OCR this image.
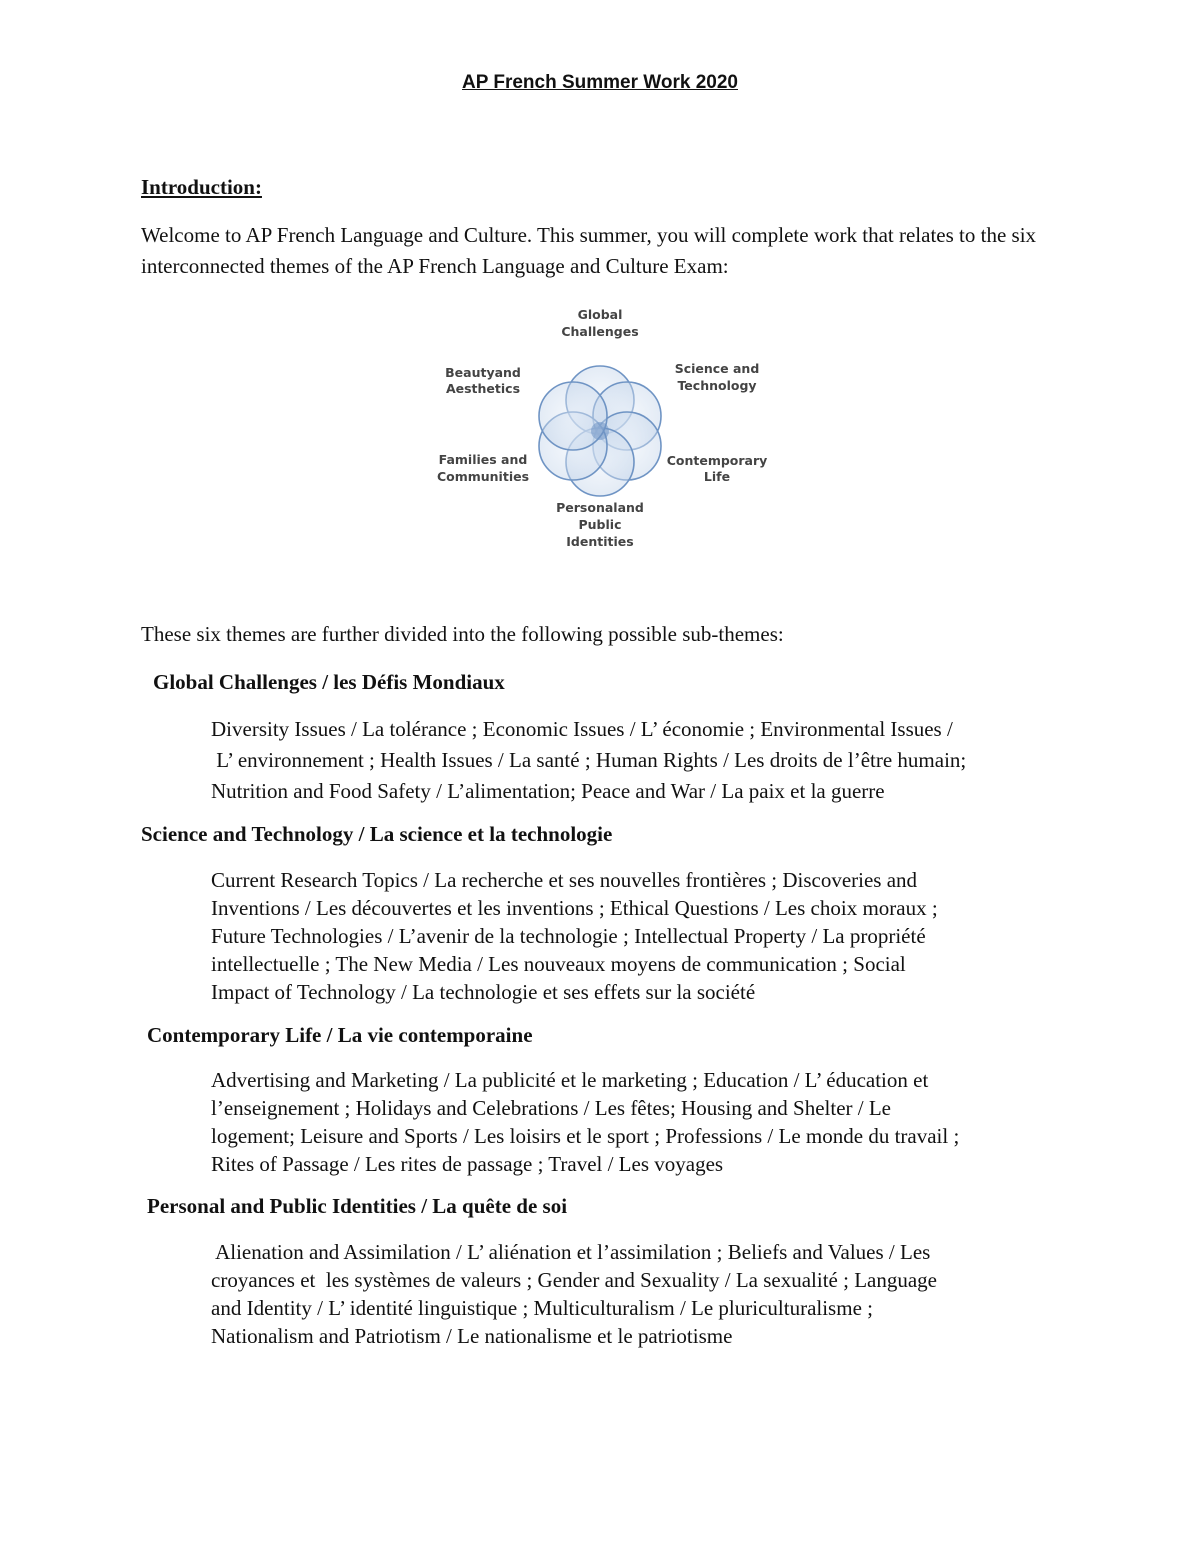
AP French Summer Work 2020
Introduction:

Welcome to AP French Language and Culture. This summer, you will complete work that relates to the six interconnected themes of the AP French Language and Culture Exam:

Global
Challenges
Beautyand
Aesthetics
Science and
Technology
Families and
Communities
Contemporary
Life
Personaland
Public
Identities

These six themes are further divided into the following possible sub-themes:

Global Challenges / les Défis Mondiaux

Diversity Issues / La tolérance ; Economic Issues / L’ économie ; Environmental Issues /
L’ environnement ; Health Issues / La santé ; Human Rights / Les droits de l’être humain;
Nutrition and Food Safety / L’alimentation; Peace and War / La paix et la guerre

Science and Technology / La science et la technologie

Current Research Topics / La recherche et ses nouvelles frontières ; Discoveries and
Inventions / Les découvertes et les inventions ; Ethical Questions / Les choix moraux ;
Future Technologies / L’avenir de la technologie ; Intellectual Property / La propriété
intellectuelle ; The New Media / Les nouveaux moyens de communication ; Social
Impact of Technology / La technologie et ses effets sur la société

Contemporary Life / La vie contemporaine

Advertising and Marketing / La publicité et le marketing ; Education / L’ éducation et
l’enseignement ; Holidays and Celebrations / Les fêtes; Housing and Shelter / Le
logement; Leisure and Sports / Les loisirs et le sport ; Professions / Le monde du travail ;
Rites of Passage / Les rites de passage ; Travel / Les voyages

Personal and Public Identities / La quête de soi

Alienation and Assimilation / L’ aliénation et l’assimilation ; Beliefs and Values / Les
croyances et  les systèmes de valeurs ; Gender and Sexuality / La sexualité ; Language
and Identity / L’ identité linguistique ; Multiculturalism / Le pluriculturalisme ;
Nationalism and Patriotism / Le nationalisme et le patriotisme
